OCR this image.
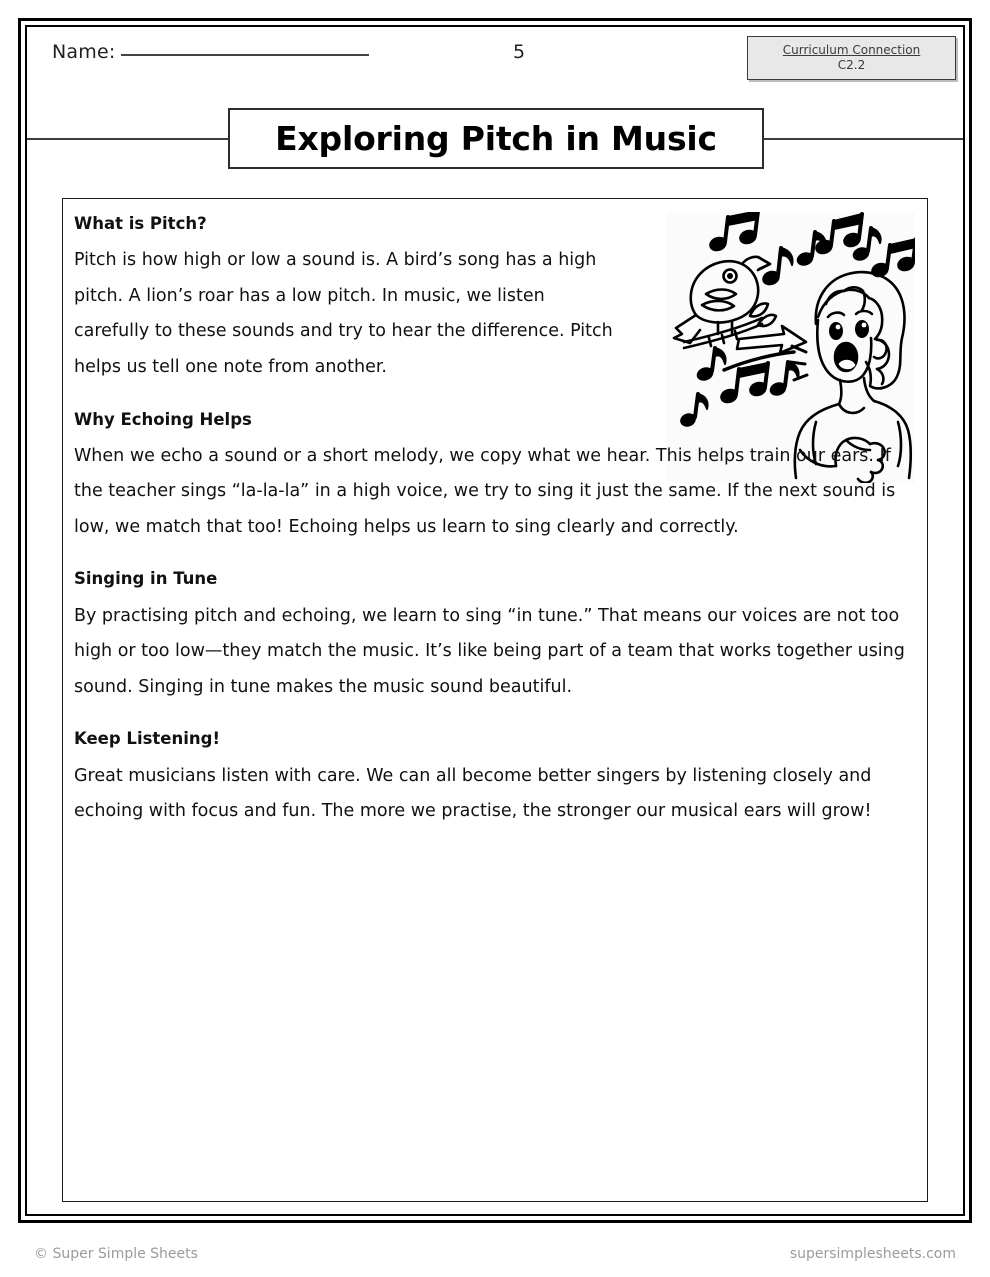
Name:	5	Curriculum Connection
C2.2
Exploring Pitch in Music
What is Pitch?

Pitch is how high or low a sound is. A bird’s song has a high pitch. A lion’s roar has a low pitch. In music, we listen carefully to these sounds and try to hear the difference. Pitch helps us tell one note from another.

Why Echoing Helps

When we echo a sound or a short melody, we copy what we hear. This helps train our ears. If the teacher sings “la-la-la” in a high voice, we try to sing it just the same. If the next sound is low, we match that too! Echoing helps us learn to sing clearly and correctly.

Singing in Tune

By practising pitch and echoing, we learn to sing “in tune.” That means our voices are not too high or too low—they match the music. It’s like being part of a team that works together using sound. Singing in tune makes the music sound beautiful.

Keep Listening!

Great musicians listen with care. We can all become better singers by listening closely and echoing with focus and fun. The more we practise, the stronger our musical ears will grow!

© Super Simple Sheets	supersimplesheets.com
